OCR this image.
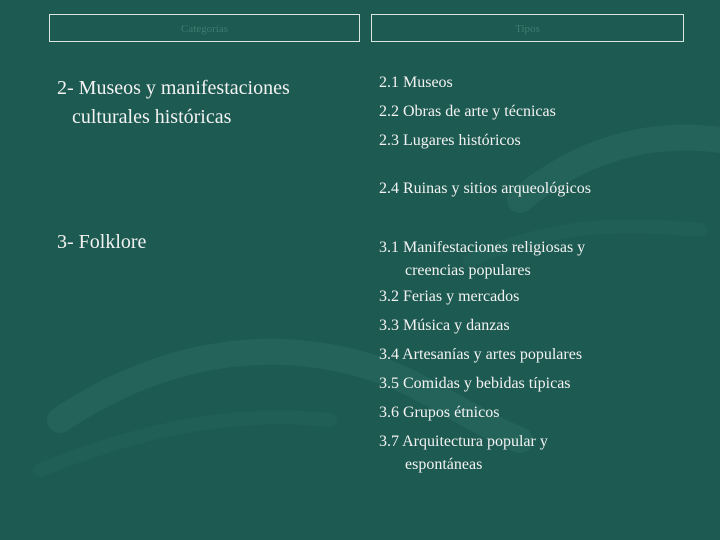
Categorías	Tipos
2- Museos y manifestaciones
culturales históricas
2.1 Museos
2.2 Obras de arte y técnicas
2.3 Lugares históricos
2.4 Ruinas y sitios arqueológicos
3- Folklore	3.1 Manifestaciones religiosas y
creencias populares
3.2 Ferias y mercados
3.3 Música y danzas
3.4 Artesanías y artes populares
3.5 Comidas y bebidas típicas
3.6 Grupos étnicos
3.7 Arquitectura popular y
espontáneas
